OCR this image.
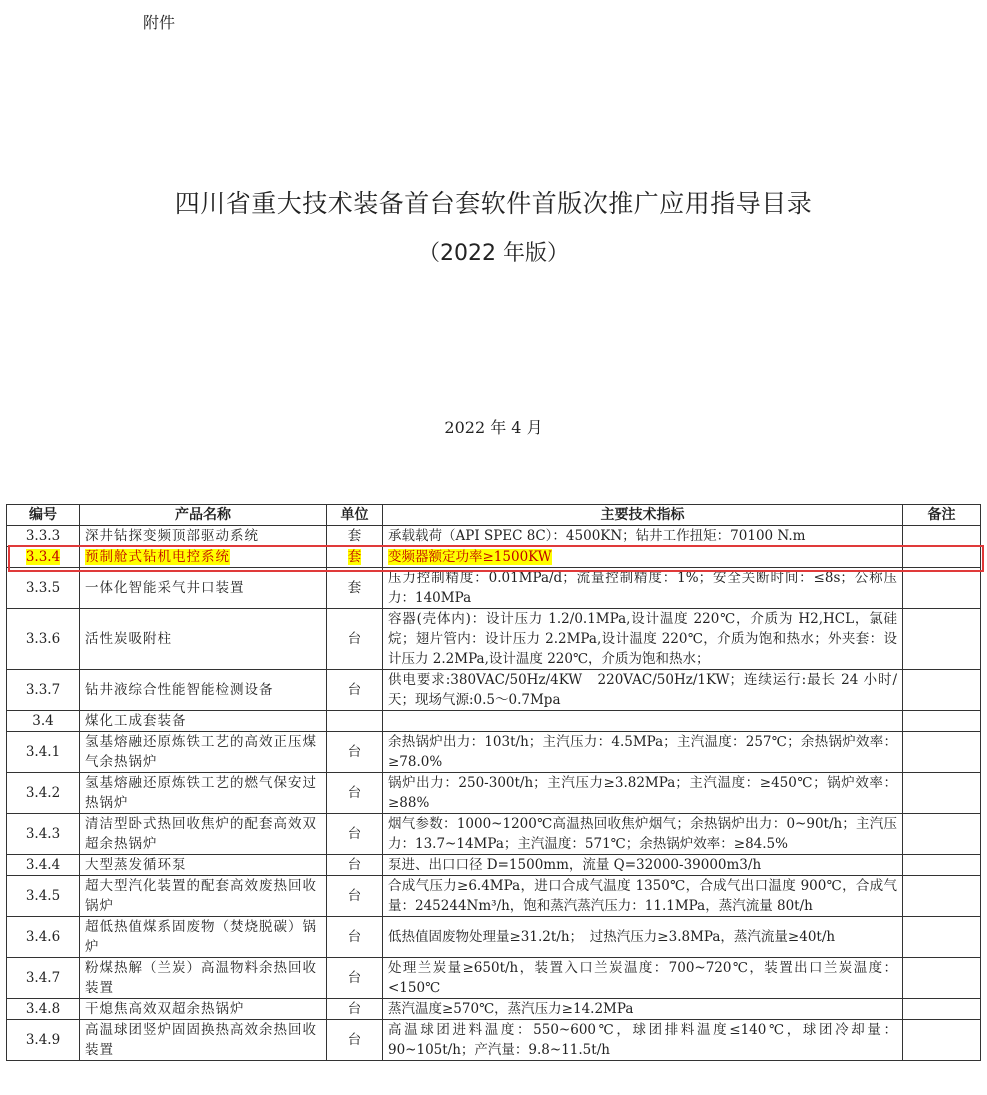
附件
四川省重大技术装备首台套软件首版次推广应用指导目录
（2022 年版）
2022 年 4 月
编号	产品名称	单位	主要技术指标	备注
3.3.3	深井钻探变频顶部驱动系统	套	承载载荷（API SPEC 8C）：4500KN；钻井工作扭矩：70100 N.m	
3.3.4	预制舱式钻机电控系统	套	变频器额定功率≥1500KW	
3.3.5	一体化智能采气井口装置	套	压力控制精度：0.01MPa/d；流量控制精度：1%；安全关断时间：≤8s；公称压力：140MPa	
3.3.6	活性炭吸附柱	台	容器(壳体内)：设计压力 1.2/0.1MPa,设计温度 220℃，介质为 H2,HCL，氯硅烷；翅片管内：设计压力 2.2MPa,设计温度 220℃，介质为饱和热水；外夹套：设计压力 2.2MPa,设计温度 220℃，介质为饱和热水；	
3.3.7	钻井液综合性能智能检测设备	台	供电要求:380VAC/50Hz/4KW　220VAC/50Hz/1KW；连续运行:最长 24 小时/天；现场气源:0.5～0.7Mpa	
3.4	煤化工成套装备			
3.4.1	氢基熔融还原炼铁工艺的高效正压煤气余热锅炉	台	余热锅炉出力：103t/h；主汽压力：4.5MPa；主汽温度：257℃；余热锅炉效率：≥78.0%	
3.4.2	氢基熔融还原炼铁工艺的燃气保安过热锅炉	台	锅炉出力：250-300t/h；主汽压力≥3.82MPa；主汽温度：≥450℃；锅炉效率：≥88%	
3.4.3	清洁型卧式热回收焦炉的配套高效双超余热锅炉	台	烟气参数：1000~1200℃高温热回收焦炉烟气；余热锅炉出力：0~90t/h；主汽压力：13.7~14MPa；主汽温度：571℃；余热锅炉效率：≥84.5%	
3.4.4	大型蒸发循环泵	台	泵进、出口口径 D=1500mm，流量 Q=32000-39000m3/h	
3.4.5	超大型汽化装置的配套高效废热回收锅炉	台	合成气压力≥6.4MPa，进口合成气温度 1350℃，合成气出口温度 900℃，合成气量：245244Nm³/h，饱和蒸汽蒸汽压力：11.1MPa，蒸汽流量 80t/h	
3.4.6	超低热值煤系固废物（焚烧脱碳）锅炉	台	低热值固废物处理量≥31.2t/h；　过热汽压力≥3.8MPa，蒸汽流量≥40t/h	
3.4.7	粉煤热解（兰炭）高温物料余热回收装置	台	处理兰炭量≥650t/h，装置入口兰炭温度：700~720℃，装置出口兰炭温度：<150℃	
3.4.8	干熄焦高效双超余热锅炉	台	蒸汽温度≥570℃，蒸汽压力≥14.2MPa	
3.4.9	高温球团竖炉固固换热高效余热回收装置	台	高温球团进料温度：550~600℃，球团排料温度≤140℃，球团冷却量：90~105t/h；产汽量：9.8~11.5t/h	
